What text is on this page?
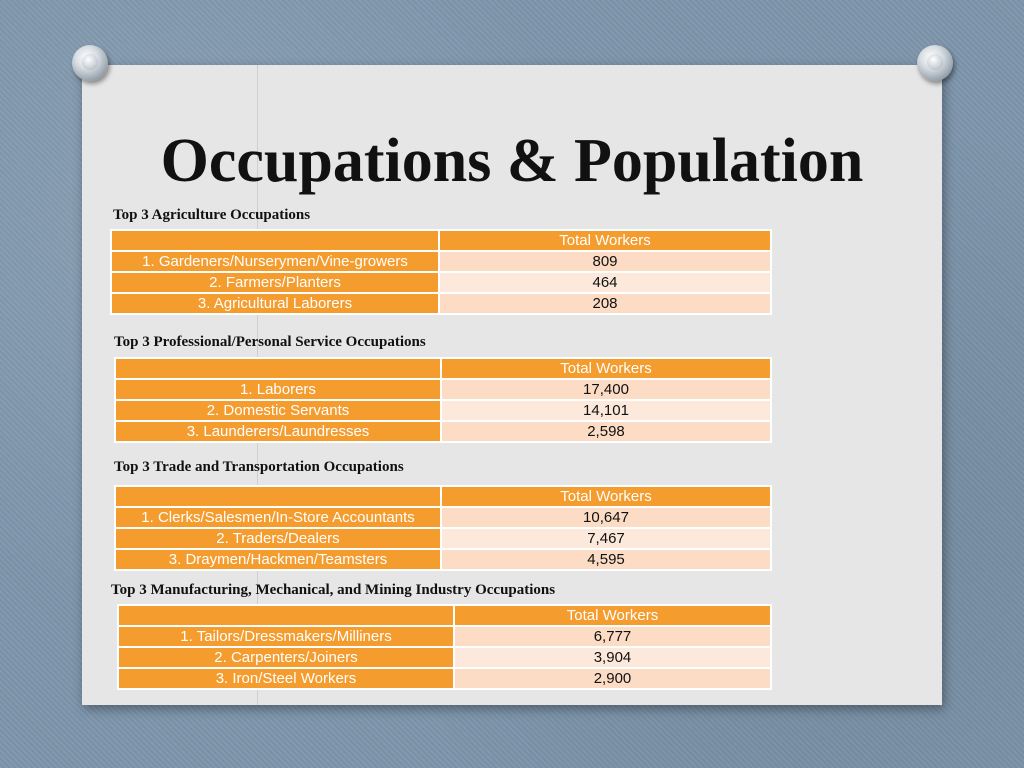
Occupations & Population

Top 3 Agriculture Occupations

	Total Workers
1. Gardeners/Nurserymen/Vine-growers	809
2. Farmers/Planters	464
3. Agricultural Laborers	208

Top 3 Professional/Personal Service Occupations

	Total Workers
1. Laborers	17,400
2. Domestic Servants	14,101
3. Launderers/Laundresses	2,598

Top 3 Trade and Transportation Occupations

	Total Workers
1. Clerks/Salesmen/In-Store Accountants	10,647
2. Traders/Dealers	7,467
3. Draymen/Hackmen/Teamsters	4,595

Top 3 Manufacturing, Mechanical, and Mining Industry Occupations

	Total Workers
1. Tailors/Dressmakers/Milliners	6,777
2. Carpenters/Joiners	3,904
3. Iron/Steel Workers	2,900
